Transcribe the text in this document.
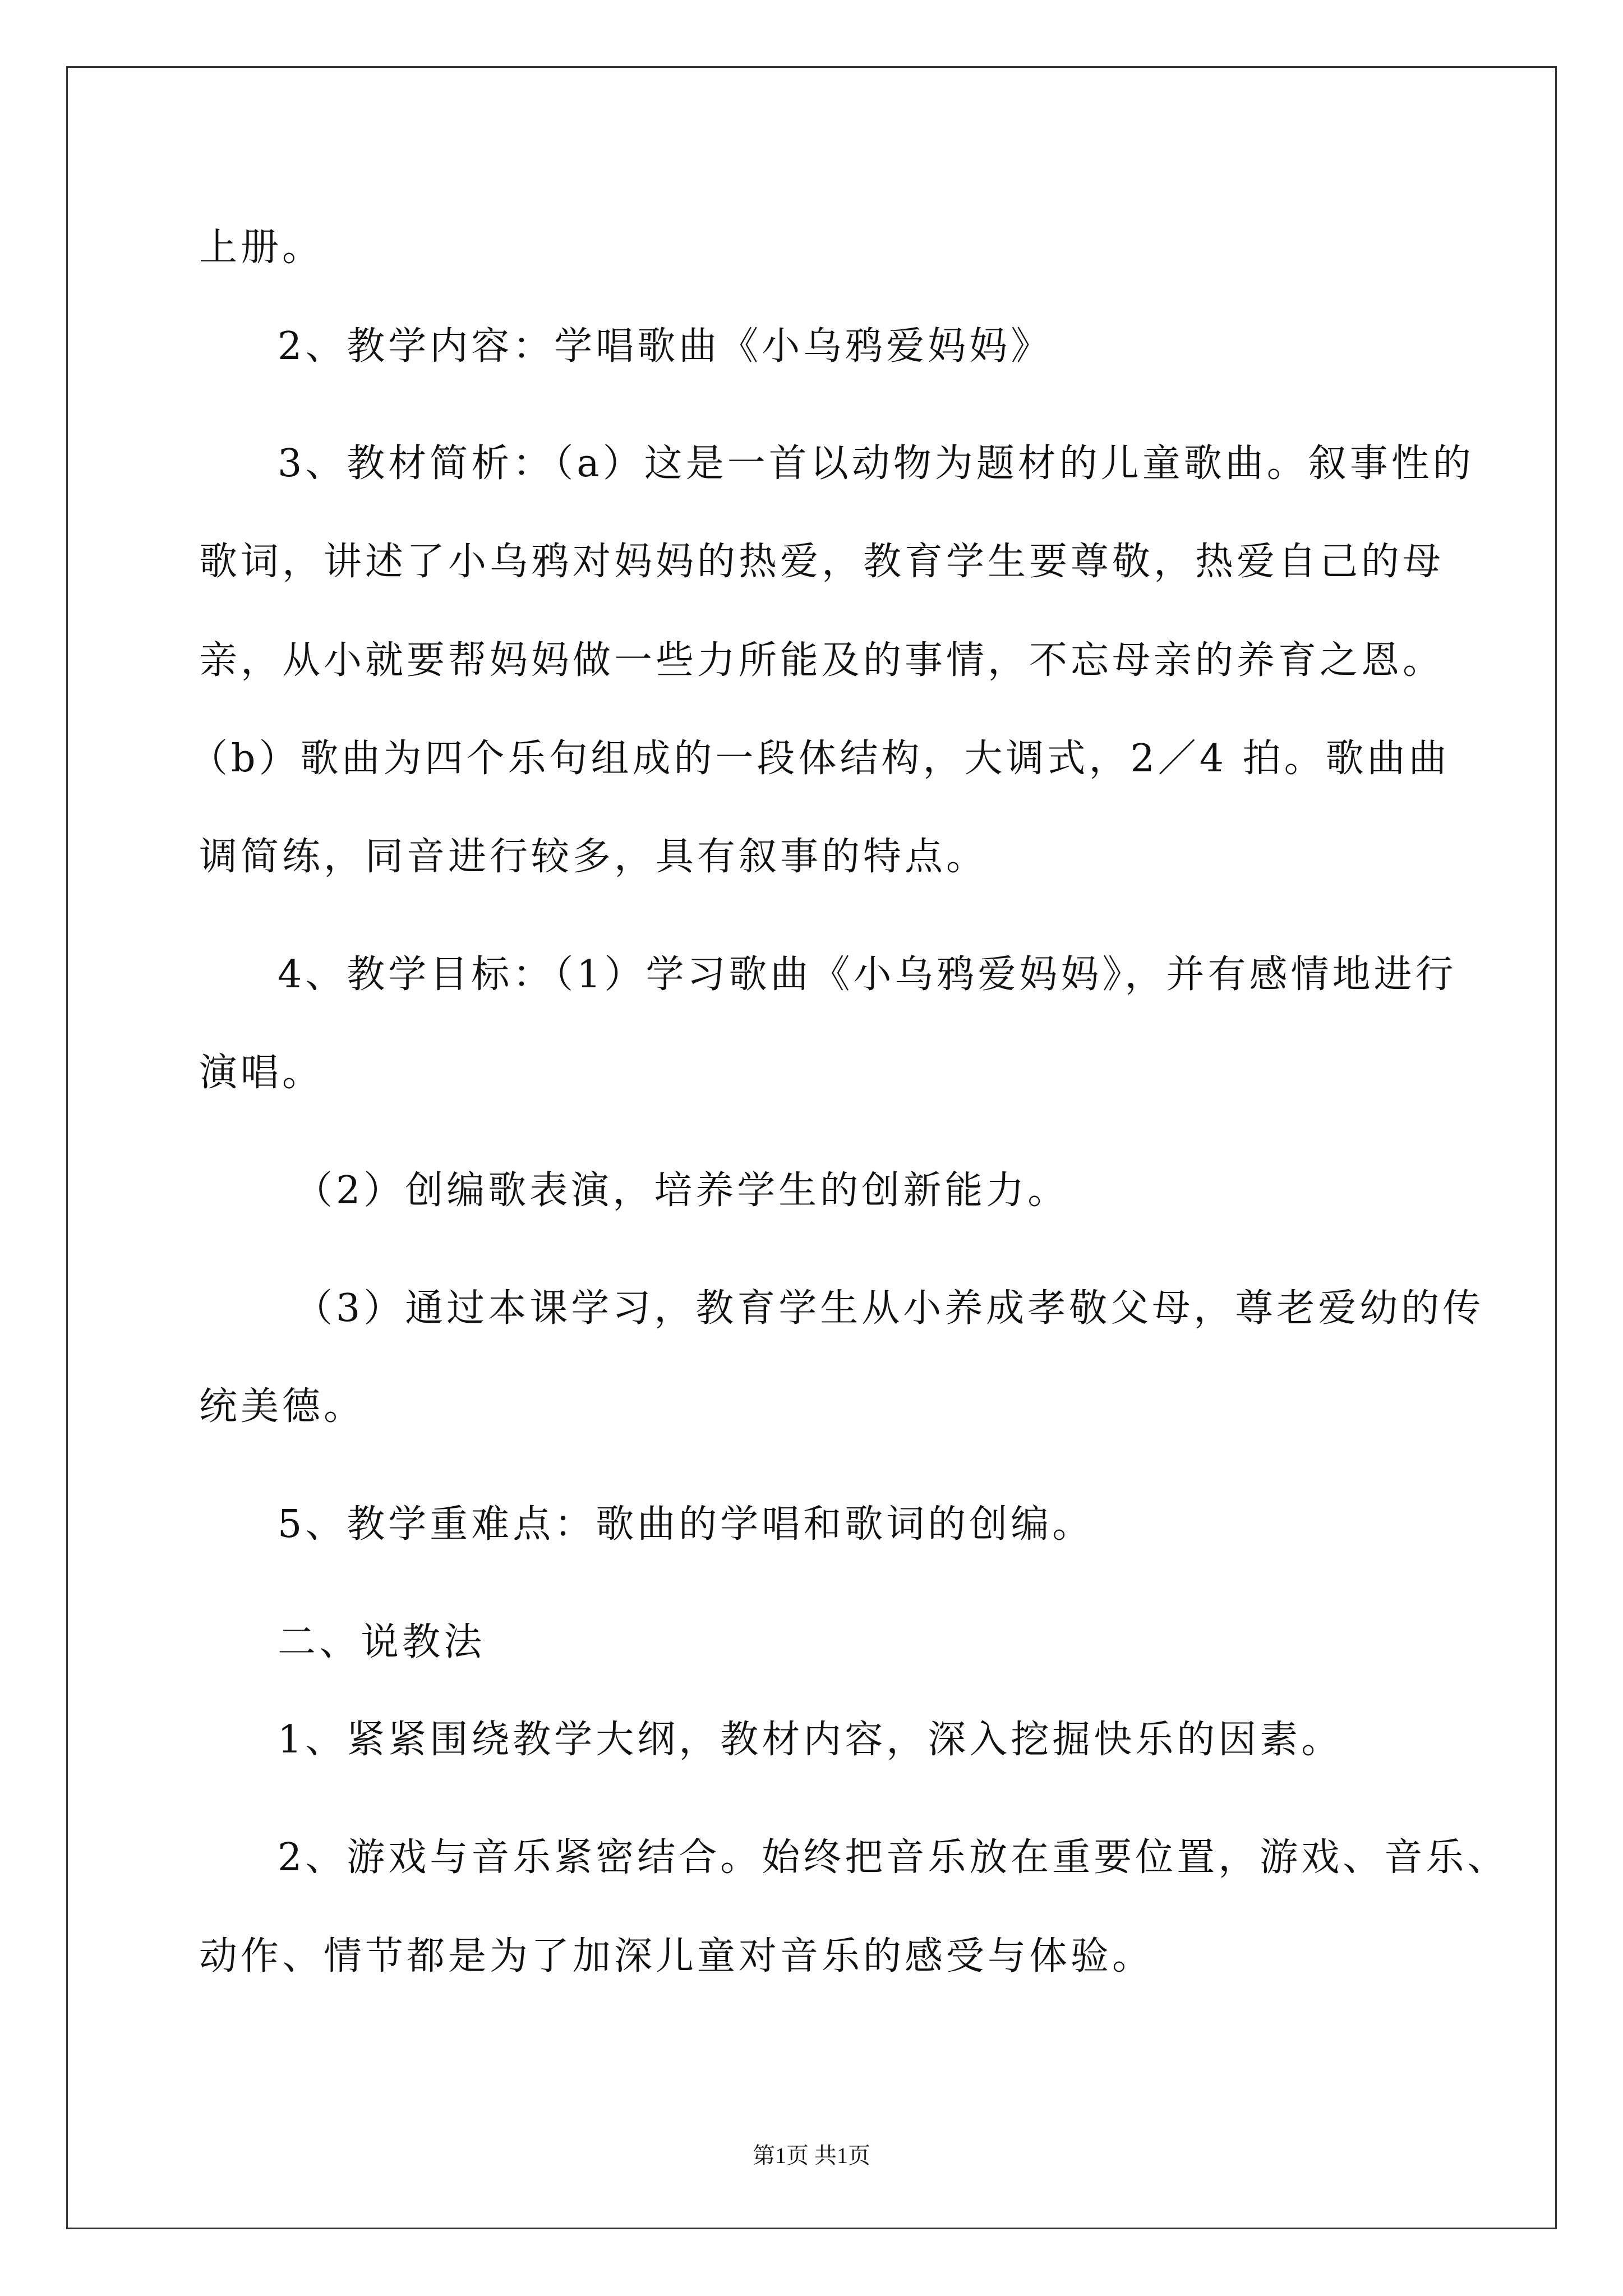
上册。
2、教学内容：学唱歌曲《小乌鸦爱妈妈》
3、教材简析：（a）这是一首以动物为题材的儿童歌曲。叙事性的
歌词，讲述了小乌鸦对妈妈的热爱，教育学生要尊敬，热爱自己的母
亲，从小就要帮妈妈做一些力所能及的事情，不忘母亲的养育之恩。
（b）歌曲为四个乐句组成的一段体结构，大调式，2／4 拍。歌曲曲
调简练，同音进行较多，具有叙事的特点。
4、教学目标：（1）学习歌曲《小乌鸦爱妈妈》，并有感情地进行
演唱。
（2）创编歌表演，培养学生的创新能力。
（3）通过本课学习，教育学生从小养成孝敬父母，尊老爱幼的传
统美德。
5、教学重难点：歌曲的学唱和歌词的创编。
二、说教法
1、紧紧围绕教学大纲，教材内容，深入挖掘快乐的因素。
2、游戏与音乐紧密结合。始终把音乐放在重要位置，游戏、音乐、
动作、情节都是为了加深儿童对音乐的感受与体验。
第1页 共1页
